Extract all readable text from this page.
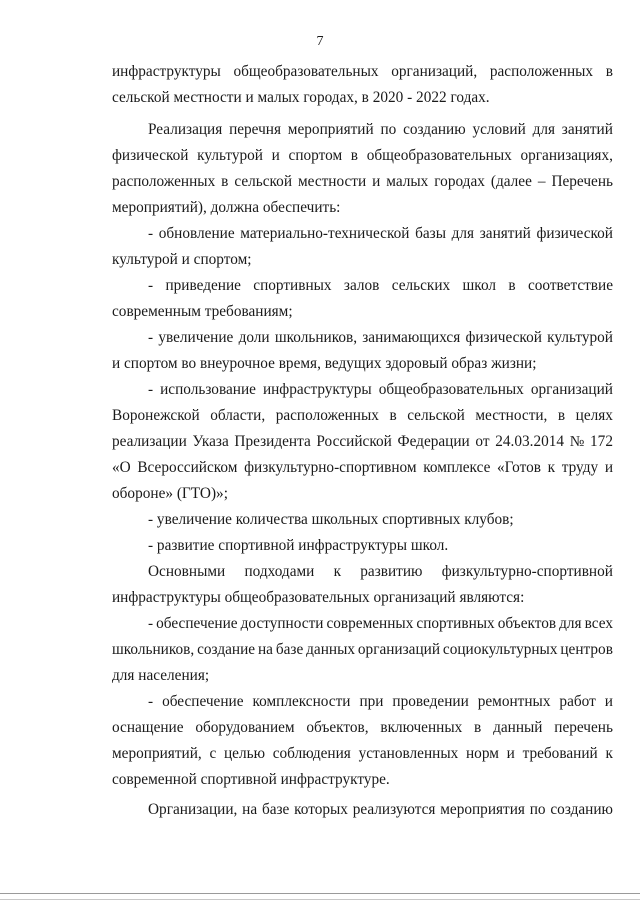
7
инфраструктуры общеобразовательных организаций, расположенных в
сельской местности и малых городах, в 2020 - 2022 годах.
Реализация перечня мероприятий по созданию условий для занятий
физической культурой и спортом в общеобразовательных организациях,
расположенных в сельской местности и малых городах (далее – Перечень
мероприятий), должна обеспечить:
- обновление материально-технической базы для занятий физической
культурой и спортом;
- приведение спортивных залов сельских школ в соответствие
современным требованиям;
- увеличение доли школьников, занимающихся физической культурой
и спортом во внеурочное время, ведущих здоровый образ жизни;
- использование инфраструктуры общеобразовательных организаций
Воронежской области, расположенных в сельской местности, в целях
реализации Указа Президента Российской Федерации от 24.03.2014 № 172
«О Всероссийском физкультурно-спортивном комплексе «Готов к труду и
обороне» (ГТО)»;
- увеличение количества школьных спортивных клубов;
- развитие спортивной инфраструктуры школ.
Основными подходами к развитию физкультурно-спортивной
инфраструктуры общеобразовательных организаций являются:
- обеспечение доступности современных спортивных объектов для всех
школьников, создание на базе данных организаций социокультурных центров
для населения;
- обеспечение комплексности при проведении ремонтных работ и
оснащение оборудованием объектов, включенных в данный перечень
мероприятий, с целью соблюдения установленных норм и требований к
современной спортивной инфраструктуре.
Организации, на базе которых реализуются мероприятия по созданию
